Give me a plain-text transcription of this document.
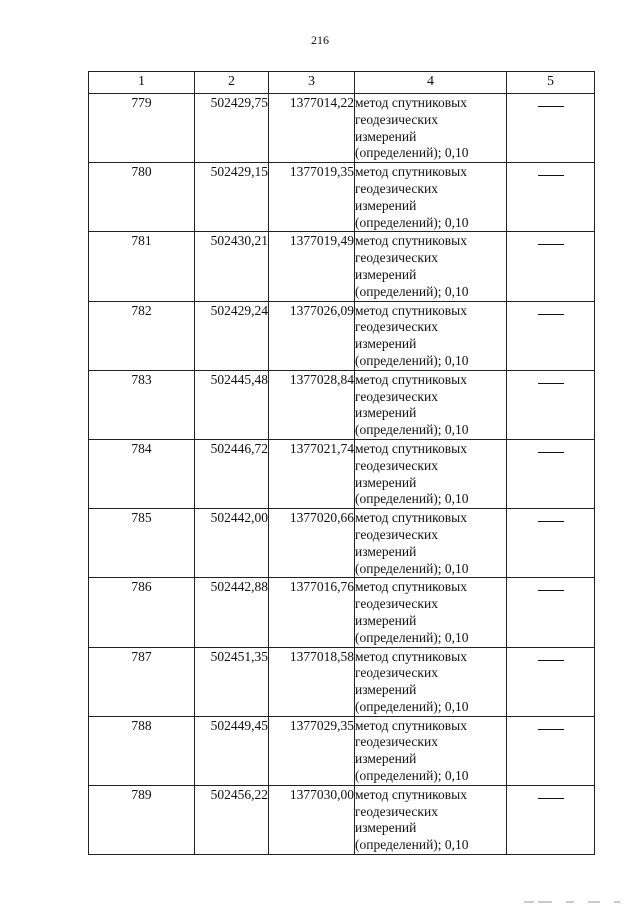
216
1	2	3	4	5
779	502429,75	1377014,22	метод спутниковых
геодезических
измерений
(определений); 0,10	

780	502429,15	1377019,35	метод спутниковых
геодезических
измерений
(определений); 0,10	

781	502430,21	1377019,49	метод спутниковых
геодезических
измерений
(определений); 0,10	

782	502429,24	1377026,09	метод спутниковых
геодезических
измерений
(определений); 0,10	

783	502445,48	1377028,84	метод спутниковых
геодезических
измерений
(определений); 0,10	

784	502446,72	1377021,74	метод спутниковых
геодезических
измерений
(определений); 0,10	

785	502442,00	1377020,66	метод спутниковых
геодезических
измерений
(определений); 0,10	

786	502442,88	1377016,76	метод спутниковых
геодезических
измерений
(определений); 0,10	

787	502451,35	1377018,58	метод спутниковых
геодезических
измерений
(определений); 0,10	

788	502449,45	1377029,35	метод спутниковых
геодезических
измерений
(определений); 0,10	

789	502456,22	1377030,00	метод спутниковых
геодезических
измерений
(определений); 0,10	
